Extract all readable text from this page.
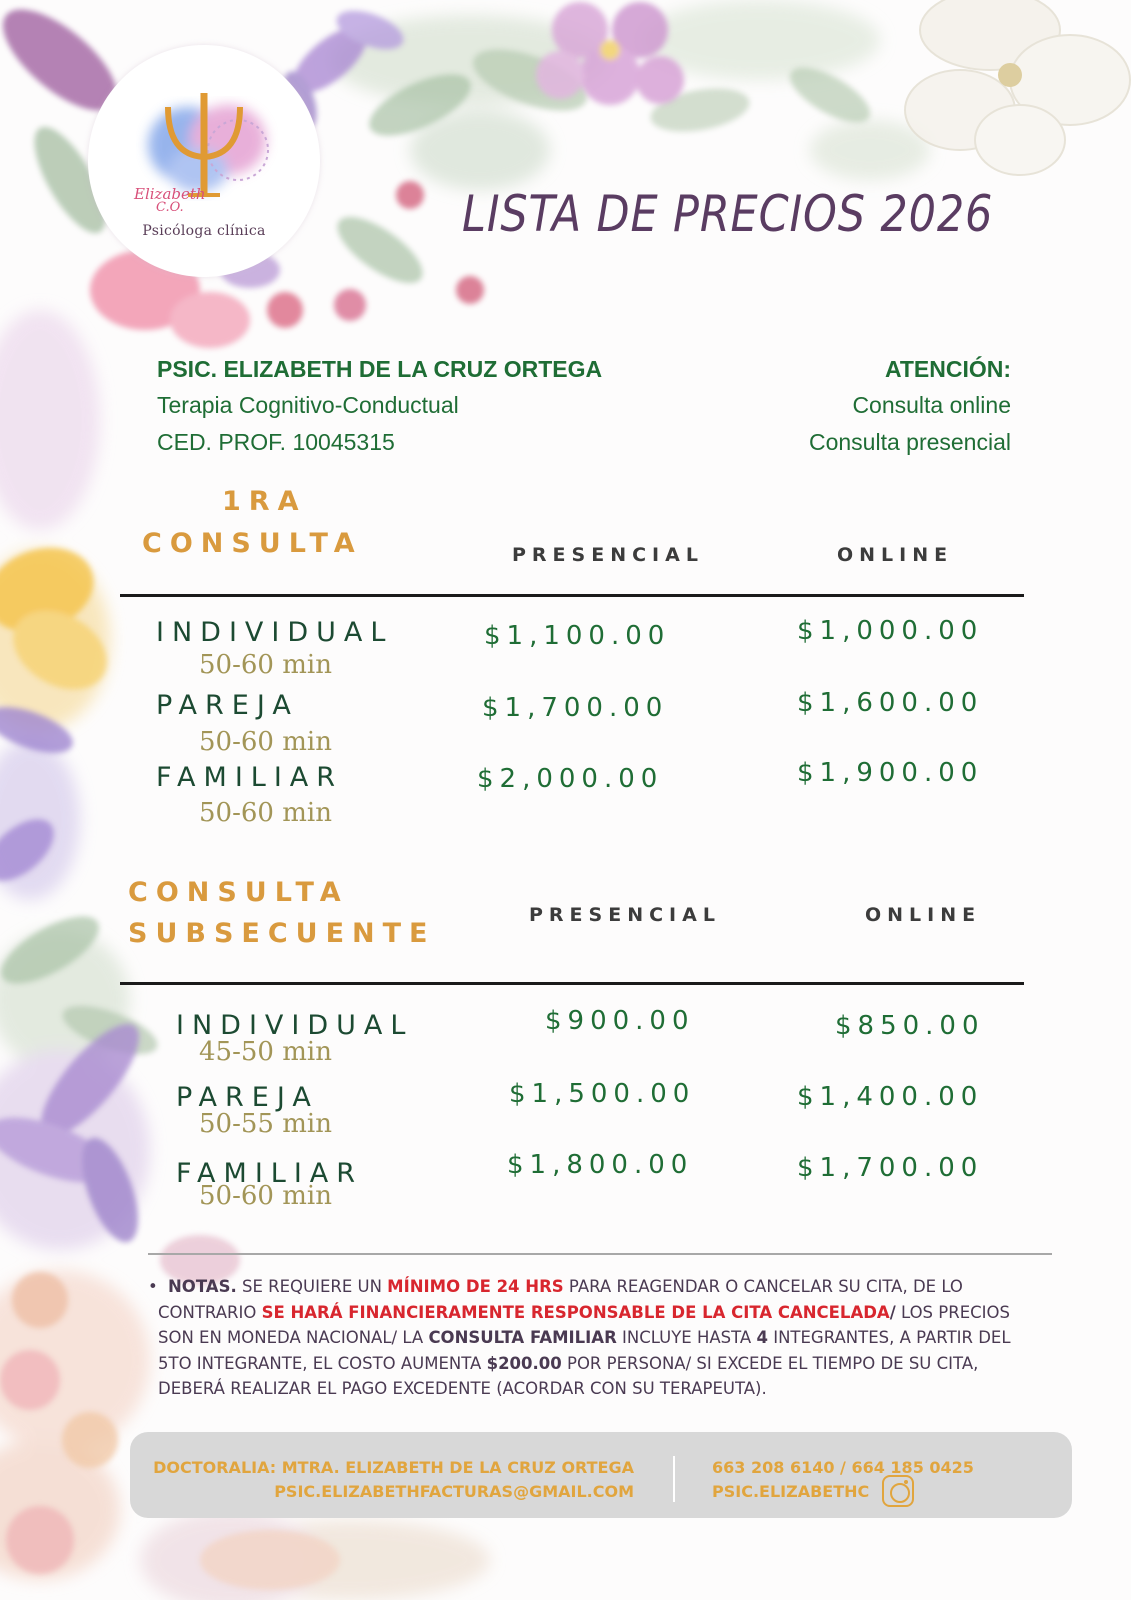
Elizabeth
C.O.
Psicóloga clínica	LISTA DE PRECIOS 2026
PSIC. ELIZABETH DE LA CRUZ ORTEGA
Terapia Cognitivo-Conductual
CED. PROF. 10045315
ATENCIÓN:
Consulta online
Consulta presencial
1RA
CONSULTA	PRESENCIAL	ONLINE
INDIVIDUAL
50-60 min
$1,100.00	$1,000.00
PAREJA
50-60 min
$1,700.00	$1,600.00
FAMILIAR
50-60 min
$2,000.00	$1,900.00
CONSULTA
SUBSECUENTE
PRESENCIAL	ONLINE
INDIVIDUAL
45-50 min
$900.00	$850.00
PAREJA
50-55 min
$1,500.00	$1,400.00
FAMILIAR
50-60 min
$1,800.00	$1,700.00
• NOTAS. SE REQUIERE UN MÍNIMO DE 24 HRS PARA REAGENDAR O CANCELAR SU CITA, DE LO CONTRARIO SE HARÁ FINANCIERAMENTE RESPONSABLE DE LA CITA CANCELADA/ LOS PRECIOS SON EN MONEDA NACIONAL/ LA CONSULTA FAMILIAR INCLUYE HASTA 4 INTEGRANTES, A PARTIR DEL 5TO INTEGRANTE, EL COSTO AUMENTA $200.00 POR PERSONA/ SI EXCEDE EL TIEMPO DE SU CITA, DEBERÁ REALIZAR EL PAGO EXCEDENTE (ACORDAR CON SU TERAPEUTA).
DOCTORALIA: MTRA. ELIZABETH DE LA CRUZ ORTEGA
PSIC.ELIZABETHFACTURAS@GMAIL.COM
663 208 6140 / 664 185 0425
PSIC.ELIZABETHC
